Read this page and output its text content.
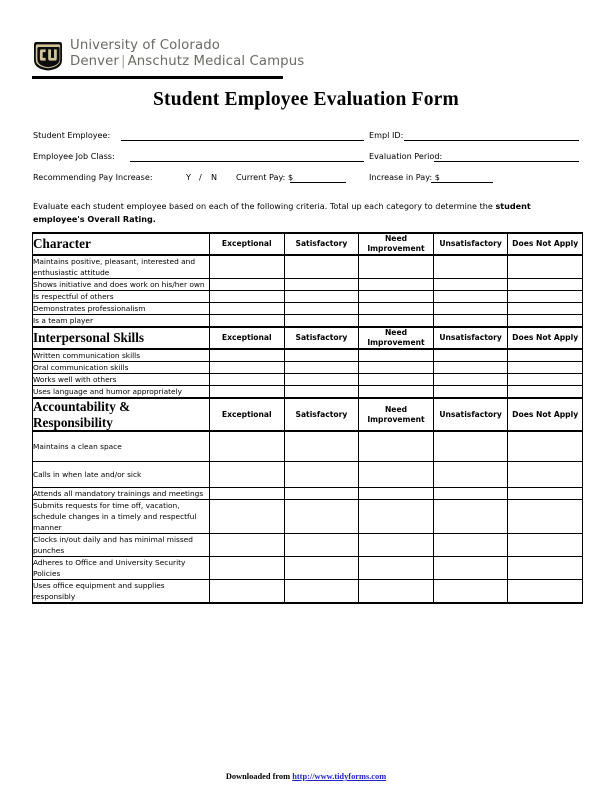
University of Colorado
Denver | Anschutz Medical Campus
Student Employee Evaluation Form
Student Employee:	Empl ID:
Employee Job Class:	Evaluation Period:
Recommending Pay Increase:	Y / N Current Pay: $	Increase in Pay: $
Evaluate each student employee based on each of the following criteria. Total up each category to determine the student employee's Overall Rating.
Character	Exceptional	Satisfactory	Need Improvement	Unsatisfactory	Does Not Apply
Maintains positive, pleasant, interested and enthusiastic attitude					
Shows initiative and does work on his/her own					
Is respectful of others					
Demonstrates professionalism					
Is a team player					
Interpersonal Skills	Exceptional	Satisfactory	Need Improvement	Unsatisfactory	Does Not Apply
Written communication skills					
Oral communication skills					
Works well with others					
Uses language and humor appropriately					
Accountability & Responsibility	Exceptional	Satisfactory	Need Improvement	Unsatisfactory	Does Not Apply
Maintains a clean space					
Calls in when late and/or sick					
Attends all mandatory trainings and meetings					
Submits requests for time off, vacation, schedule changes in a timely and respectful manner					
Clocks in/out daily and has minimal missed punches					
Adheres to Office and University Security Policies					
Uses office equipment and supplies responsibly					
Downloaded from http://www.tidyforms.com
